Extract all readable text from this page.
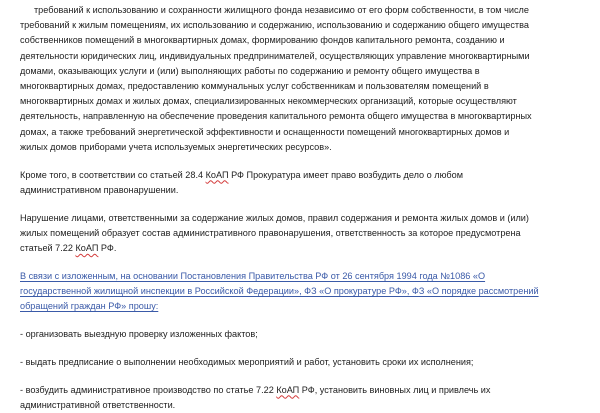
требований к использованию и сохранности жилищного фонда независимо от его форм собственности, в том числе
требований к жилым помещениям, их использованию и содержанию, использованию и содержанию общего имущества
собственников помещений в многоквартирных домах, формированию фондов капитального ремонта, созданию и
деятельности юридических лиц, индивидуальных предпринимателей, осуществляющих управление многоквартирными
домами, оказывающих услуги и (или) выполняющих работы по содержанию и ремонту общего имущества в
многоквартирных домах, предоставлению коммунальных услуг собственникам и пользователям помещений в
многоквартирных домах и жилых домах, специализированных некоммерческих организаций, которые осуществляют
деятельность, направленную на обеспечение проведения капитального ремонта общего имущества в многоквартирных
домах, а также требований энергетической эффективности и оснащенности помещений многоквартирных домов и
жилых домов приборами учета используемых энергетических ресурсов».
Кроме того, в соответствии со статьей 28.4 КоАП РФ Прокуратура имеет право возбудить дело о любом
административном правонарушении.
Нарушение лицами, ответственными за содержание жилых домов, правил содержания и ремонта жилых домов и (или)
жилых помещений образует состав административного правонарушения, ответственность за которое предусмотрена
статьей 7.22 КоАП РФ.
В связи с изложенным, на основании Постановления Правительства РФ от 26 сентября 1994 года №1086 «О
государственной жилищной инспекции в Российской Федерации», ФЗ «О прокуратуре РФ», ФЗ «О порядке рассмотрений
обращений граждан РФ» прошу:
- организовать выездную проверку изложенных фактов;
- выдать предписание о выполнении необходимых мероприятий и работ, установить сроки их исполнения;
- возбудить административное производство по статье 7.22 КоАП РФ, установить виновных лиц и привлечь их
административной ответственности.
